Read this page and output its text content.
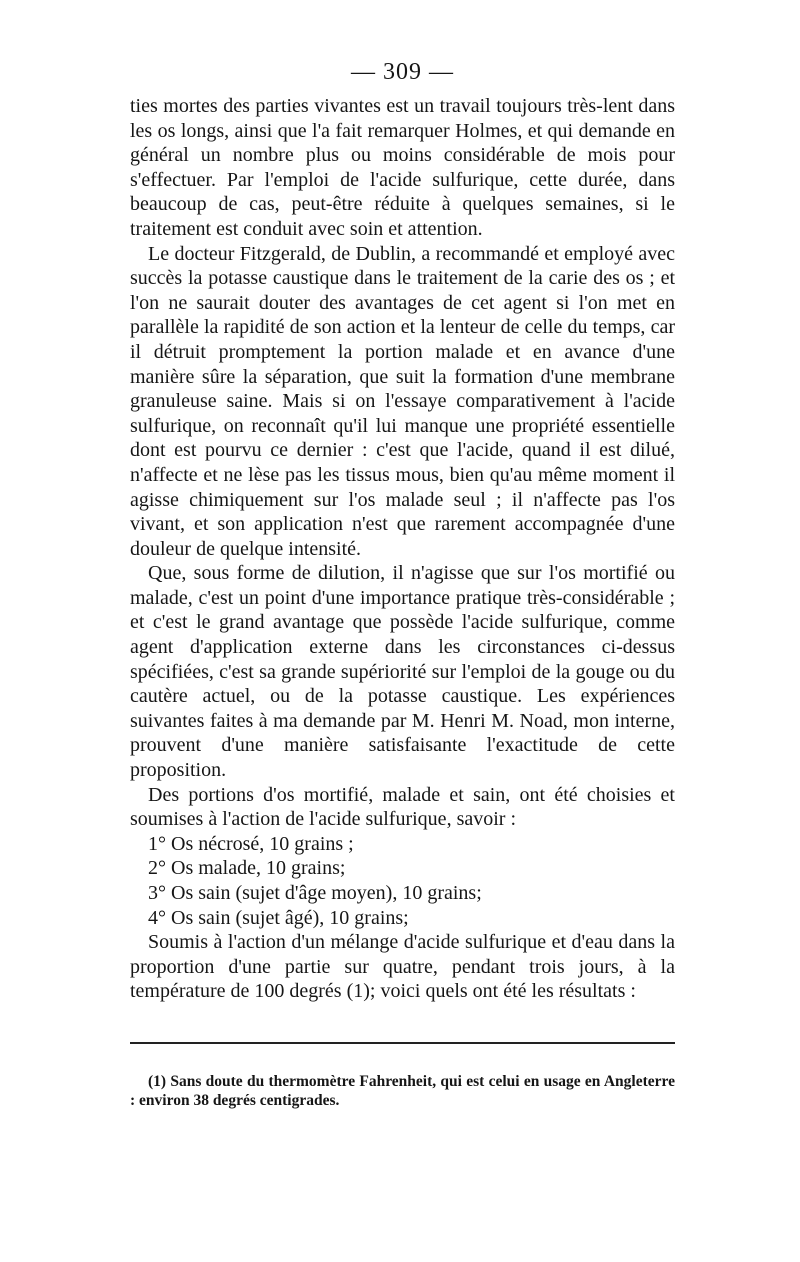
— 309 —

ties mortes des parties vivantes est un travail toujours très-lent dans les os longs, ainsi que l'a fait remarquer Holmes, et qui demande en général un nombre plus ou moins considérable de mois pour s'effectuer. Par l'emploi de l'acide sulfurique, cette durée, dans beaucoup de cas, peut-être réduite à quelques semaines, si le traitement est conduit avec soin et attention.

Le docteur Fitzgerald, de Dublin, a recommandé et employé avec succès la potasse caustique dans le traitement de la carie des os ; et l'on ne saurait douter des avantages de cet agent si l'on met en parallèle la rapidité de son action et la lenteur de celle du temps, car il détruit promptement la portion malade et en avance d'une manière sûre la séparation, que suit la formation d'une membrane granuleuse saine. Mais si on l'essaye comparativement à l'acide sulfurique, on reconnaît qu'il lui manque une propriété essentielle dont est pourvu ce dernier : c'est que l'acide, quand il est dilué, n'affecte et ne lèse pas les tissus mous, bien qu'au même moment il agisse chimiquement sur l'os malade seul ; il n'affecte pas l'os vivant, et son application n'est que rarement accompagnée d'une douleur de quelque intensité.

Que, sous forme de dilution, il n'agisse que sur l'os mortifié ou malade, c'est un point d'une importance pratique très-considérable ; et c'est le grand avantage que possède l'acide sulfurique, comme agent d'application externe dans les circonstances ci-dessus spécifiées, c'est sa grande supériorité sur l'emploi de la gouge ou du cautère actuel, ou de la potasse caustique. Les expériences suivantes faites à ma demande par M. Henri M. Noad, mon interne, prouvent d'une manière satisfaisante l'exactitude de cette proposition.

Des portions d'os mortifié, malade et sain, ont été choisies et soumises à l'action de l'acide sulfurique, savoir :

1° Os nécrosé, 10 grains ;

2° Os malade, 10 grains;

3° Os sain (sujet d'âge moyen), 10 grains;

4° Os sain (sujet âgé), 10 grains;

Soumis à l'action d'un mélange d'acide sulfurique et d'eau dans la proportion d'une partie sur quatre, pendant trois jours, à la température de 100 degrés (1); voici quels ont été les résultats :

(1) Sans doute du thermomètre Fahrenheit, qui est celui en usage en Angleterre : environ 38 degrés centigrades.
